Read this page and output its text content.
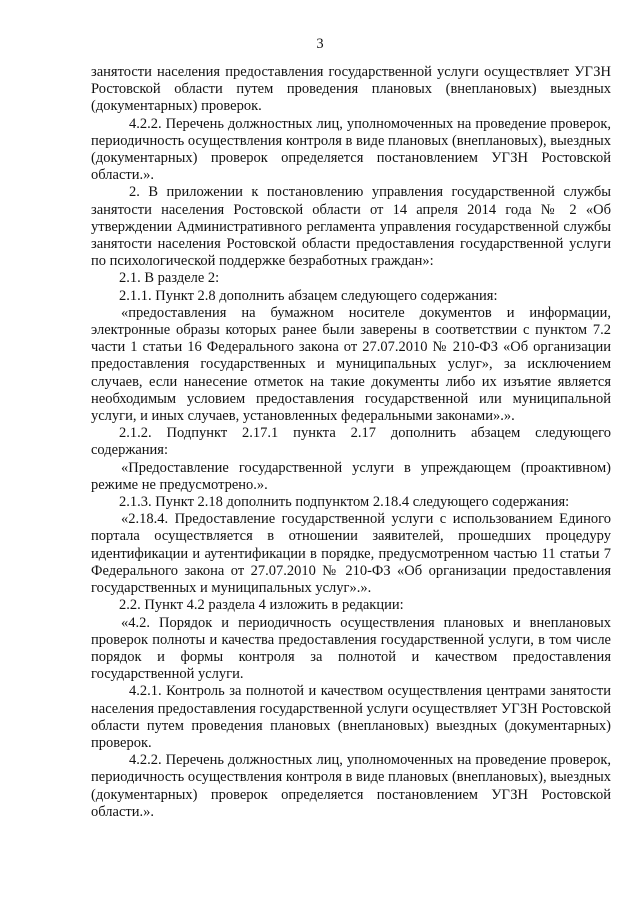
3

занятости населения предоставления государственной услуги осуществляет УГЗН Ростовской области путем проведения плановых (внеплановых) выездных (документарных) проверок.

4.2.2. Перечень должностных лиц, уполномоченных на проведение проверок, периодичность осуществления контроля в виде плановых (внеплановых), выездных (документарных) проверок определяется постановлением УГЗН Ростовской области.».

2. В приложении к постановлению управления государственной службы занятости населения Ростовской области от 14 апреля 2014 года № 2 «Об утверждении Административного регламента управления государственной службы занятости населения Ростовской области предоставления государственной услуги по психологической поддержке безработных граждан»:

2.1. В разделе 2:

2.1.1. Пункт 2.8 дополнить абзацем следующего содержания:

«предоставления на бумажном носителе документов и информации, электронные образы которых ранее были заверены в соответствии с пунктом 7.2 части 1 статьи 16 Федерального закона от 27.07.2010 № 210-ФЗ «Об организации предоставления государственных и муниципальных услуг», за исключением случаев, если нанесение отметок на такие документы либо их изъятие является необходимым условием предоставления государственной или муниципальной услуги, и иных случаев, установленных федеральными законами».».

2.1.2. Подпункт 2.17.1 пункта 2.17 дополнить абзацем следующего содержания:

«Предоставление государственной услуги в упреждающем (проактивном) режиме не предусмотрено.».

2.1.3. Пункт 2.18 дополнить подпунктом 2.18.4 следующего содержания:

«2.18.4. Предоставление государственной услуги с использованием Единого портала осуществляется в отношении заявителей, прошедших процедуру идентификации и аутентификации в порядке, предусмотренном частью 11 статьи 7 Федерального закона от 27.07.2010 № 210-ФЗ «Об организации предоставления государственных и муниципальных услуг».».

2.2. Пункт 4.2 раздела 4 изложить в редакции:

«4.2. Порядок и периодичность осуществления плановых и внеплановых проверок полноты и качества предоставления государственной услуги, в том числе порядок и формы контроля за полнотой и качеством предоставления государственной услуги.

4.2.1. Контроль за полнотой и качеством осуществления центрами занятости населения предоставления государственной услуги осуществляет УГЗН Ростовской области путем проведения плановых (внеплановых) выездных (документарных) проверок.

4.2.2. Перечень должностных лиц, уполномоченных на проведение проверок, периодичность осуществления контроля в виде плановых (внеплановых), выездных (документарных) проверок определяется постановлением УГЗН Ростовской области.».
